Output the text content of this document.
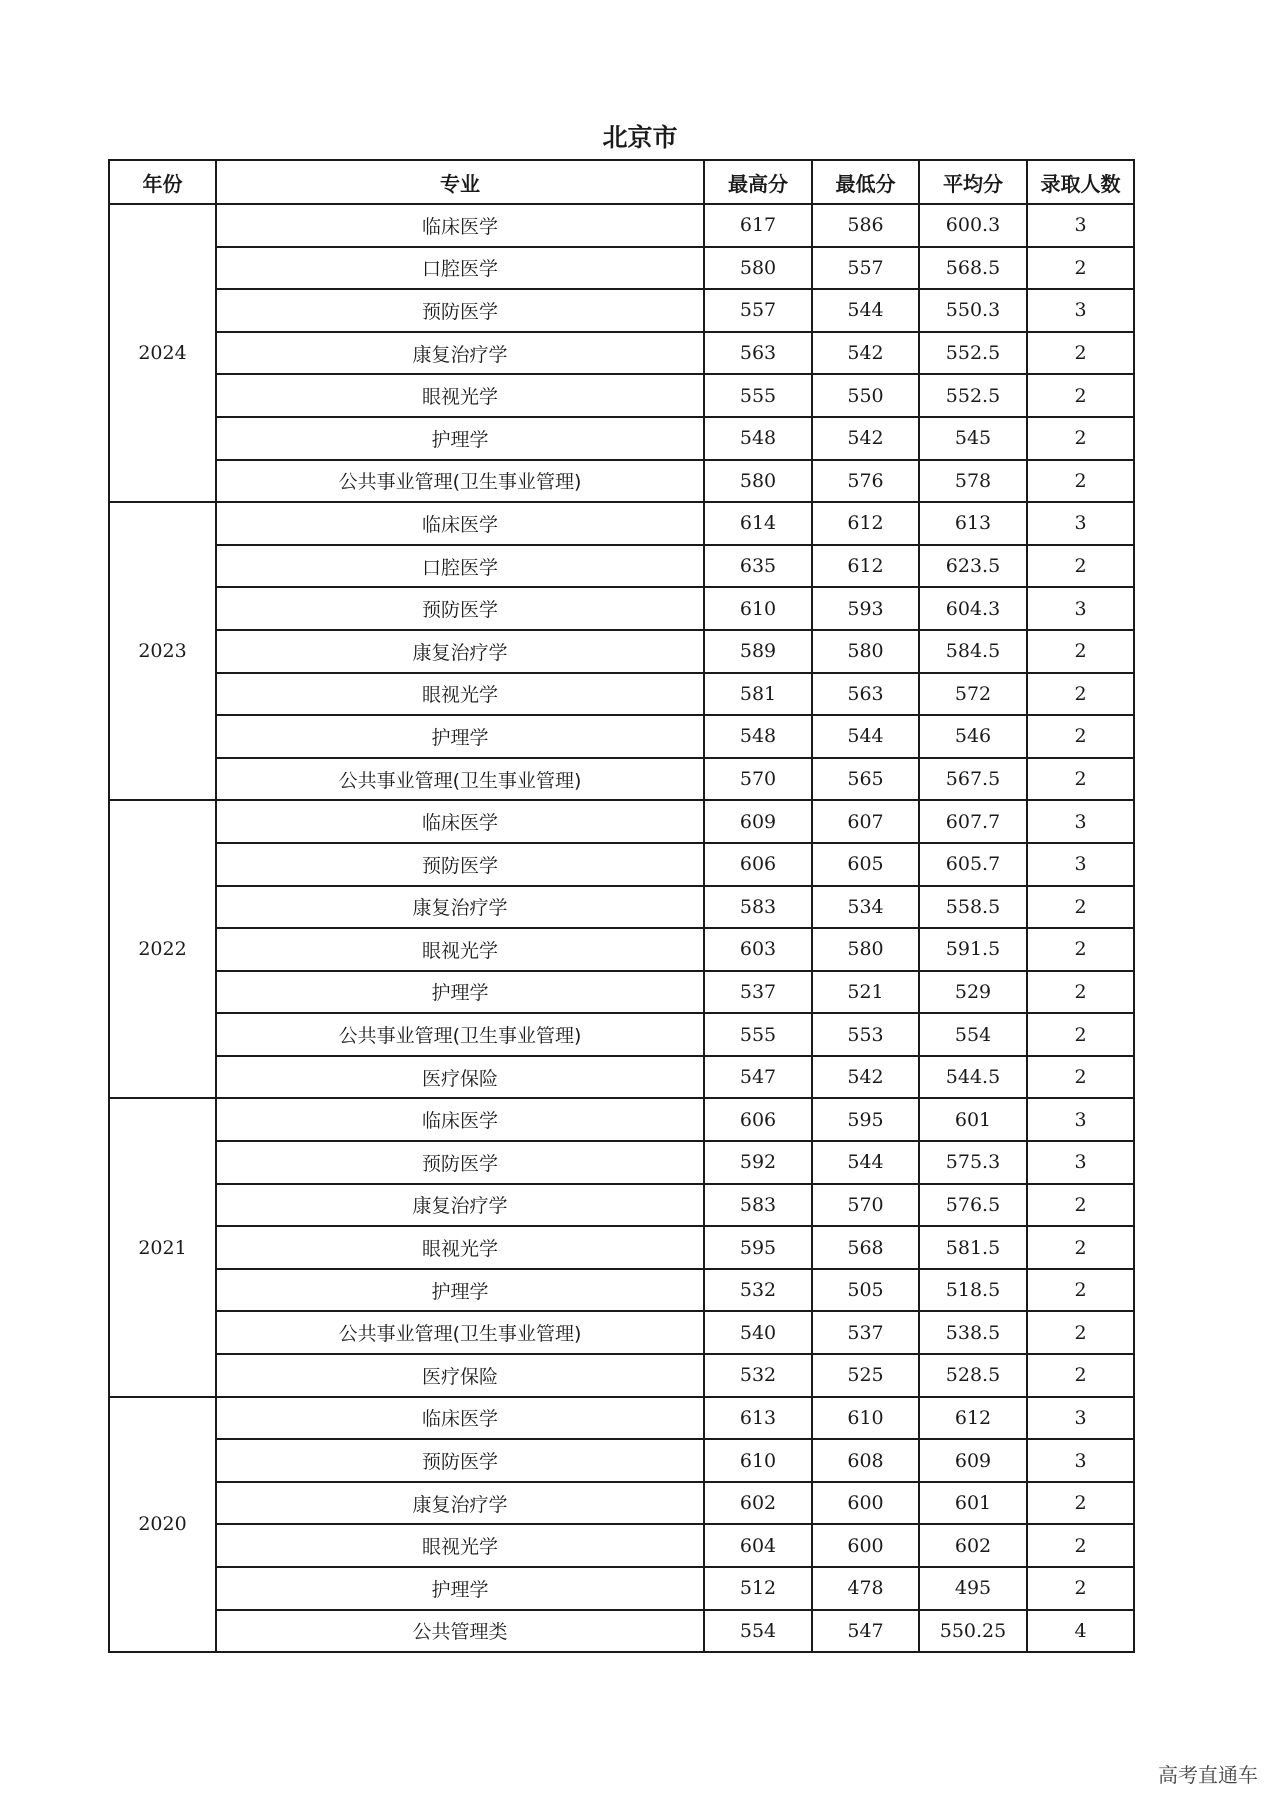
北京市
年份	专业	最高分	最低分	平均分	录取人数
2024	临床医学	617	586	600.3	3
	口腔医学	580	557	568.5	2
	预防医学	557	544	550.3	3
	康复治疗学	563	542	552.5	2
	眼视光学	555	550	552.5	2
	护理学	548	542	545	2
	公共事业管理(卫生事业管理)	580	576	578	2
2023	临床医学	614	612	613	3
	口腔医学	635	612	623.5	2
	预防医学	610	593	604.3	3
	康复治疗学	589	580	584.5	2
	眼视光学	581	563	572	2
	护理学	548	544	546	2
	公共事业管理(卫生事业管理)	570	565	567.5	2
2022	临床医学	609	607	607.7	3
	预防医学	606	605	605.7	3
	康复治疗学	583	534	558.5	2
	眼视光学	603	580	591.5	2
	护理学	537	521	529	2
	公共事业管理(卫生事业管理)	555	553	554	2
	医疗保险	547	542	544.5	2
2021	临床医学	606	595	601	3
	预防医学	592	544	575.3	3
	康复治疗学	583	570	576.5	2
	眼视光学	595	568	581.5	2
	护理学	532	505	518.5	2
	公共事业管理(卫生事业管理)	540	537	538.5	2
	医疗保险	532	525	528.5	2
2020	临床医学	613	610	612	3
	预防医学	610	608	609	3
	康复治疗学	602	600	601	2
	眼视光学	604	600	602	2
	护理学	512	478	495	2
	公共管理类	554	547	550.25	4
高考直通车
